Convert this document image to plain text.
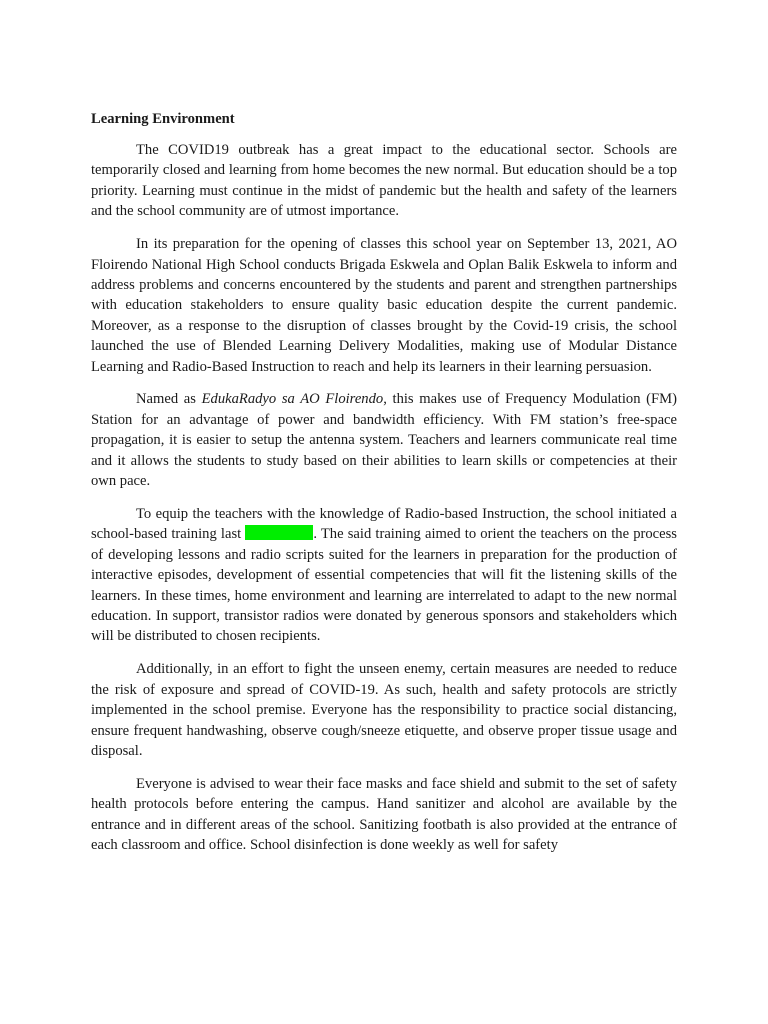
Learning Environment

The COVID19 outbreak has a great impact to the educational sector. Schools are temporarily closed and learning from home becomes the new normal. But education should be a top priority. Learning must continue in the midst of pandemic but the health and safety of the learners and the school community are of utmost importance.

In its preparation for the opening of classes this school year on September 13, 2021, AO Floirendo National High School conducts Brigada Eskwela and Oplan Balik Eskwela to inform and address problems and concerns encountered by the students and parent and strengthen partnerships with education stakeholders to ensure quality basic education despite the current pandemic. Moreover, as a response to the disruption of classes brought by the Covid-19 crisis, the school launched the use of Blended Learning Delivery Modalities, making use of Modular Distance Learning and Radio-Based Instruction to reach and help its learners in their learning persuasion.

Named as EdukaRadyo sa AO Floirendo, this makes use of Frequency Modulation (FM) Station for an advantage of power and bandwidth efficiency. With FM station’s free-space propagation, it is easier to setup the antenna system. Teachers and learners communicate real time and it allows the students to study based on their abilities to learn skills or competencies at their own pace.

To equip the teachers with the knowledge of Radio-based Instruction, the school initiated a school-based training last	. The said training aimed to orient the teachers on the process of developing lessons and radio scripts suited for the learners in preparation for the production of interactive episodes, development of essential competencies that will fit the listening skills of the learners. In these times, home environment and learning are interrelated to adapt to the new normal education. In support, transistor radios were donated by generous sponsors and stakeholders which will be distributed to chosen recipients.

Additionally, in an effort to fight the unseen enemy, certain measures are needed to reduce the risk of exposure and spread of COVID-19. As such, health and safety protocols are strictly implemented in the school premise. Everyone has the responsibility to practice social distancing, ensure frequent handwashing, observe cough/sneeze etiquette, and observe proper tissue usage and disposal.

Everyone is advised to wear their face masks and face shield and submit to the set of safety health protocols before entering the campus. Hand sanitizer and alcohol are available by the entrance and in different areas of the school. Sanitizing footbath is also provided at the entrance of each classroom and office. School disinfection is done weekly as well for safety
